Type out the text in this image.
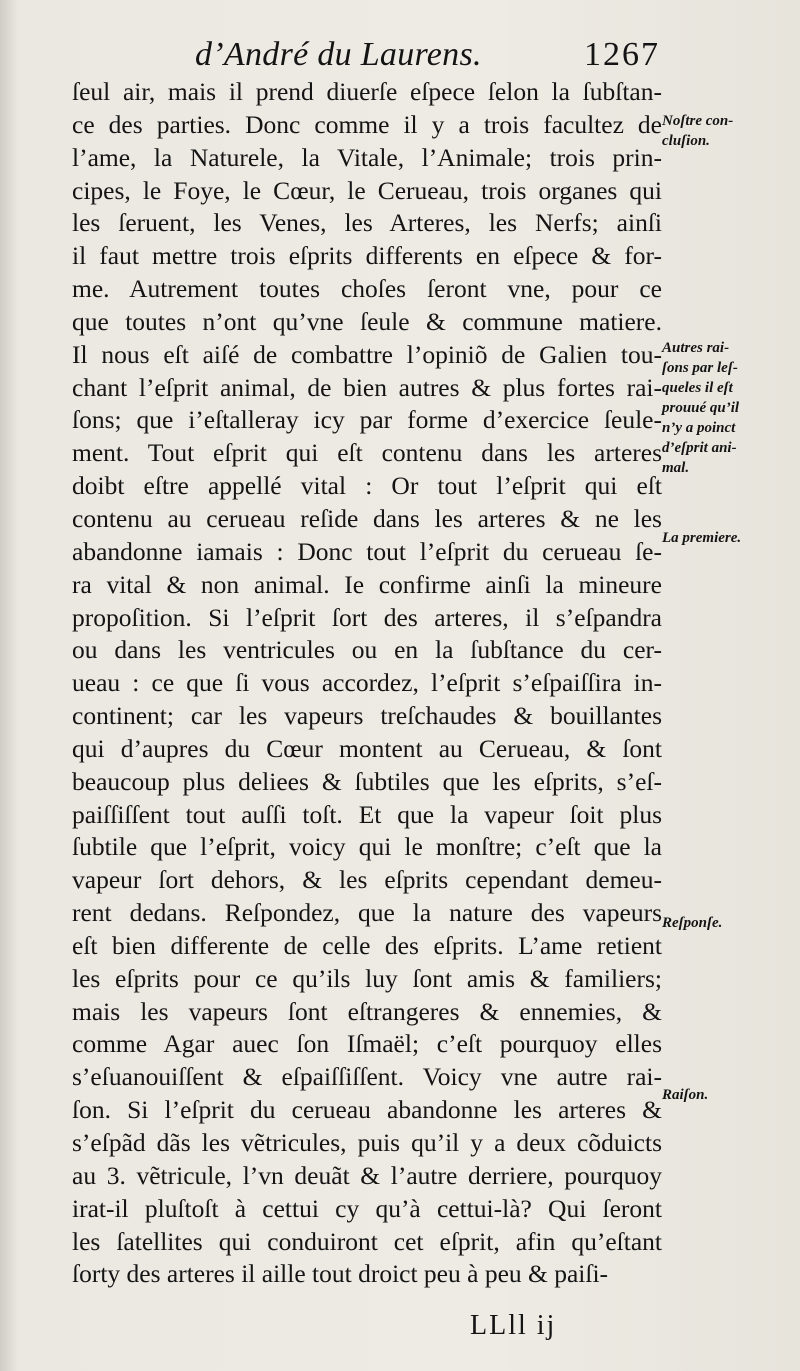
d’André du Laurens.	1267
ſeul air, mais il prend diuerſe eſpece ſelon la ſubſtan-
ce des parties. Donc comme il y a trois facultez de
l’ame, la Naturele, la Vitale, l’Animale; trois prin-
cipes, le Foye, le Cœur, le Cerueau, trois organes qui
les ſeruent, les Venes, les Arteres, les Nerfs; ainſi
il faut mettre trois eſprits differents en eſpece & for-
me. Autrement toutes choſes ſeront vne, pour ce
que toutes n’ont qu’vne ſeule & commune matiere.
Il nous eſt aiſé de combattre l’opiniõ de Galien tou-
chant l’eſprit animal, de bien autres & plus fortes rai-
ſons; que i’eſtalleray icy par forme d’exercice ſeule-
ment. Tout eſprit qui eſt contenu dans les arteres
doibt eſtre appellé vital : Or tout l’eſprit qui eſt
contenu au cerueau reſide dans les arteres & ne les
abandonne iamais : Donc tout l’eſprit du cerueau ſe-
ra vital & non animal. Ie confirme ainſi la mineure
propoſition. Si l’eſprit ſort des arteres, il s’eſpandra
ou dans les ventricules ou en la ſubſtance du cer-
ueau : ce que ſi vous accordez, l’eſprit s’eſpaiſſira in-
continent; car les vapeurs treſchaudes & bouillantes
qui d’aupres du Cœur montent au Cerueau, & ſont
beaucoup plus deliees & ſubtiles que les eſprits, s’eſ-
paiſſiſſent tout auſſi toſt. Et que la vapeur ſoit plus
ſubtile que l’eſprit, voicy qui le monſtre; c’eſt que la
vapeur ſort dehors, & les eſprits cependant demeu-
rent dedans. Reſpondez, que la nature des vapeurs
eſt bien differente de celle des eſprits. L’ame retient
les eſprits pour ce qu’ils luy ſont amis & familiers;
mais les vapeurs ſont eſtrangeres & ennemies, &
comme Agar auec ſon Iſmaël; c’eſt pourquoy elles
s’eſuanouiſſent & eſpaiſſiſſent. Voicy vne autre rai-
ſon. Si l’eſprit du cerueau abandonne les arteres &
s’eſpãd dãs les vẽtricules, puis qu’il y a deux cõduicts
au 3. vẽtricule, l’vn deuãt & l’autre derriere, pourquoy
irat-il pluſtoſt à cettui cy qu’à cettui-là? Qui ſeront
les ſatellites qui conduiront cet eſprit, afin qu’eſtant
ſorty des arteres il aille tout droict peu à peu & paiſi-
Noſtre con-
cluſion.
Autres rai-
ſons par leſ-
queles il eſt
prouué qu’il
n’y a poinct
d’eſprit ani-
mal.
La premiere.
Reſponſe.
Raiſon.
LLll ij
